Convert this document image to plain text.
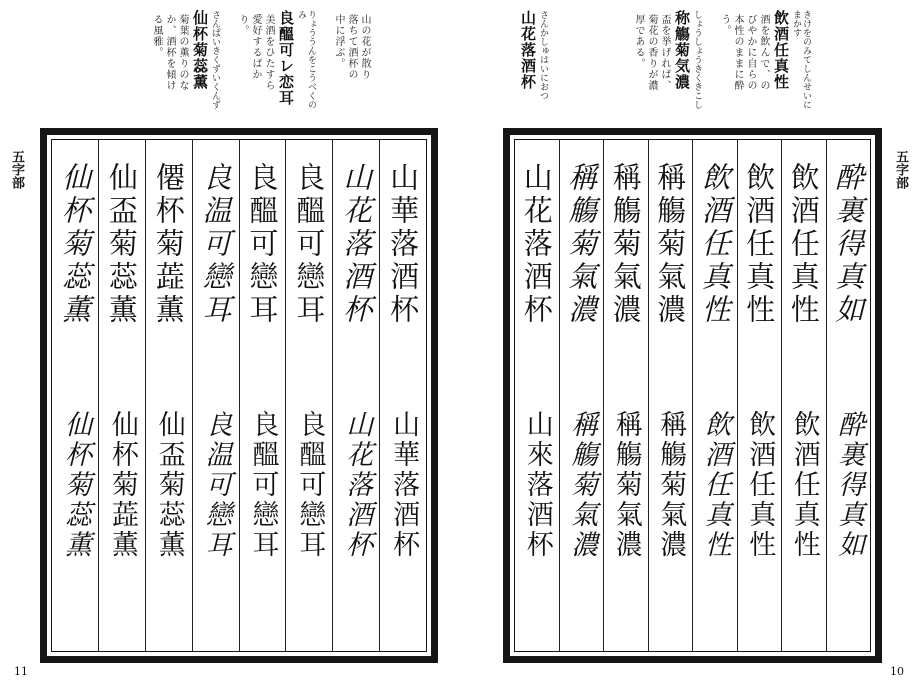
五字部
山の花が散り落ちて酒杯の中に浮ぶ。
りょううんをこうべくのみ
良醞可レ恋耳
美酒をひたすら愛好するばかり。
さんぱいきくずいくんず
仙杯菊蕊薫
菊葉の薫りのなか、酒杯を傾ける風雅。
山華落酒杯
山華落酒杯
山花落酒杯
山花落酒杯
良醞可戀耳
良醞可戀耳
良醞可戀耳
良醞可戀耳
良温可戀耳
良温可戀耳
僊杯菊蕋薫
仙盃菊蕊薫
仙盃菊蕊薫
仙杯菊蕋薫
仙杯菊蕊薫
仙杯菊蕊薫
11
五字部
きけをのみてしんせいにまかす
飲酒任真性
酒を飲んで、のびやかに自らの本性のままに酔う。
しょうしょうきくきこし
称觴菊気濃
盃を挙げれば、菊花の香りが濃厚である。
さんかしゅはいにおつ
山花落酒杯
酔裏得真如
酔裏得真如
飲酒任真性
飲酒任真性
飲酒任真性
飲酒任真性
飲酒任真性
飲酒任真性
稱觴菊氣濃
稱觴菊氣濃
稱觴菊氣濃
稱觴菊氣濃
稱觴菊氣濃
稱觴菊氣濃
山花落酒杯
山來落酒杯
10
